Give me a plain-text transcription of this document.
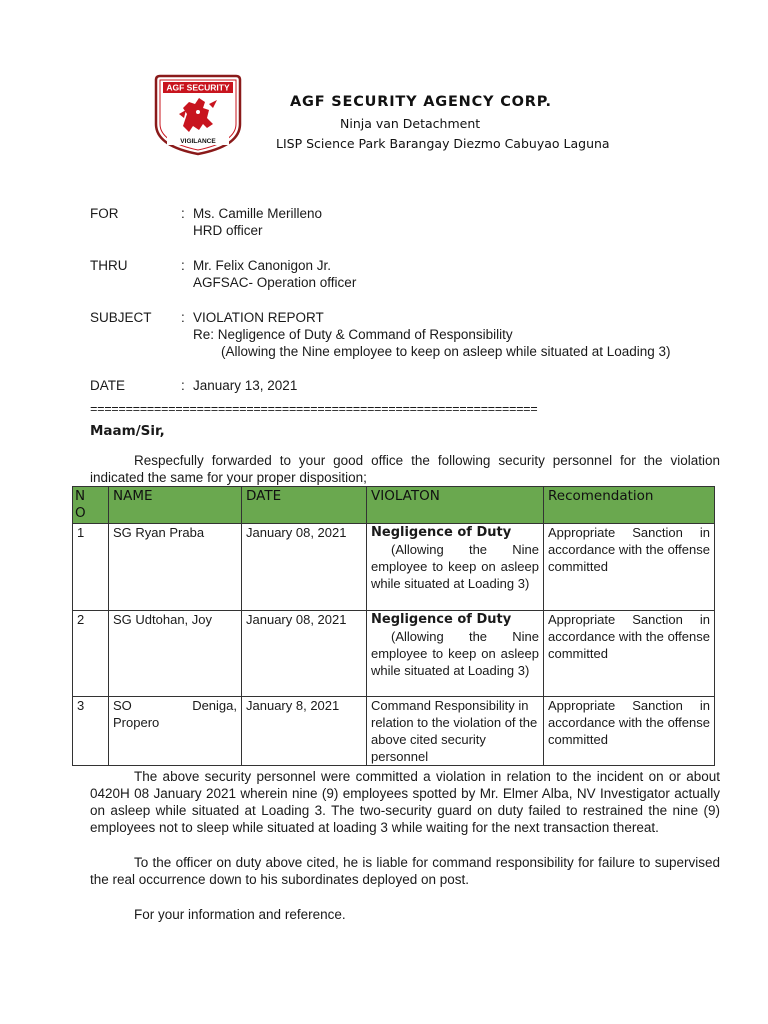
AGF SECURITY
VIGILANCE
AGF SECURITY AGENCY CORP.
Ninja van Detachment
LISP Science Park Barangay Diezmo Cabuyao Laguna
FOR	: Ms. Camille Merilleno
HRD officer
THRU	: Mr. Felix Canonigon Jr.
AGFSAC- Operation officer
SUBJECT : VIOLATION REPORT
Re: Negligence of Duty & Command of Responsibility
(Allowing the Nine employee to keep on asleep while situated at Loading 3)
DATE	: January 13, 2021
===============================================================
Maam/Sir,
Respecfully forwarded to your good office the following security personnel for the violation indicated the same for your proper disposition;
N
O	NAME	DATE	VIOLATON	Recomendation
1	SG Ryan Praba	January 08, 2021	Negligence of Duty
(Allowing the Nine employee to keep on asleep while situated at Loading 3)	Appropriate Sanction in accordance with the offense committed
2	SG Udtohan, Joy	January 08, 2021	Negligence of Duty
(Allowing the Nine employee to keep on asleep while situated at Loading 3)	Appropriate Sanction in accordance with the offense committed
3	SO Deniga,
Propero	January 8, 2021	Command Responsibility in relation to the violation of the above cited security personnel	Appropriate Sanction in accordance with the offense committed
The above security personnel were committed a violation in relation to the incident on or about 0420H 08 January 2021 wherein nine (9) employees spotted by Mr. Elmer Alba, NV Investigator actually on asleep while situated at Loading 3. The two-security guard on duty failed to restrained the nine (9) employees not to sleep while situated at loading 3 while waiting for the next transaction thereat.
To the officer on duty above cited, he is liable for command responsibility for failure to supervised the real occurrence down to his subordinates deployed on post.
For your information and reference.
